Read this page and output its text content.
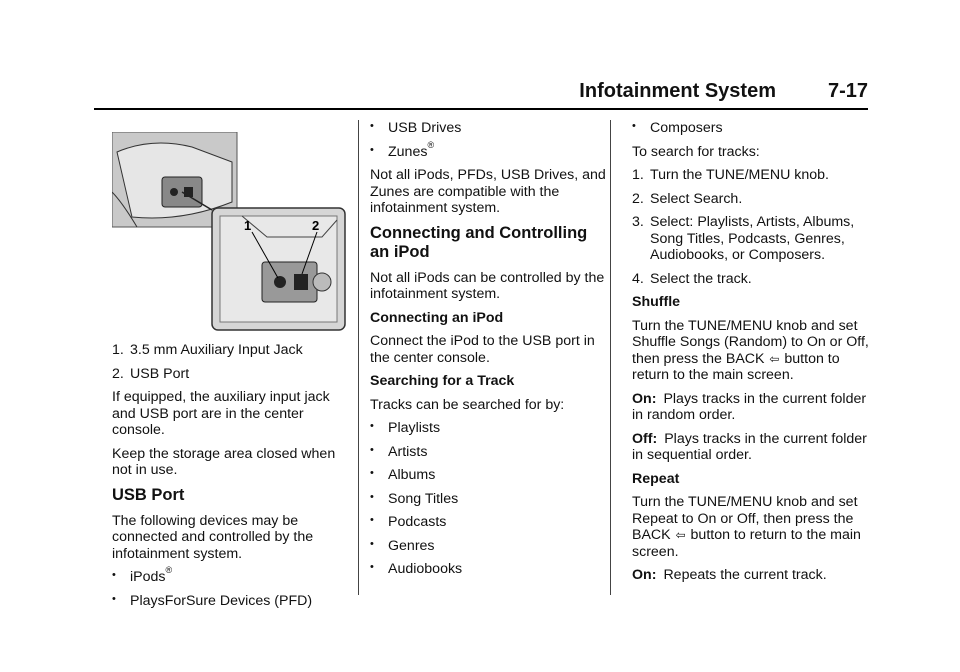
Infotainment System	7-17
1	2
1. 3.5 mm Auxiliary Input Jack
2. USB Port

If equipped, the auxiliary input jack and USB port are in the center console.

Keep the storage area closed when not in use.

USB Port

The following devices may be connected and controlled by the infotainment system.

• iPods®
• PlaysForSure Devices (PFD)
• USB Drives
• Zunes®

Not all iPods, PFDs, USB Drives, and Zunes are compatible with the infotainment system.

Connecting and Controlling an iPod

Not all iPods can be controlled by the infotainment system.

Connecting an iPod

Connect the iPod to the USB port in the center console.

Searching for a Track

Tracks can be searched for by:

• Playlists
• Artists
• Albums
• Song Titles
• Podcasts
• Genres
• Audiobooks
• Composers

To search for tracks:

1. Turn the TUNE/MENU knob.
2. Select Search.
3. Select: Playlists, Artists, Albums, Song Titles, Podcasts, Genres, Audiobooks, or Composers.
4. Select the track.

Shuffle

Turn the TUNE/MENU knob and set Shuffle Songs (Random) to On or Off, then press the BACK ⇦ button to return to the main screen.

On: Plays tracks in the current folder in random order.

Off: Plays tracks in the current folder in sequential order.

Repeat

Turn the TUNE/MENU knob and set Repeat to On or Off, then press the BACK ⇦ button to return to the main screen.

On: Repeats the current track.
